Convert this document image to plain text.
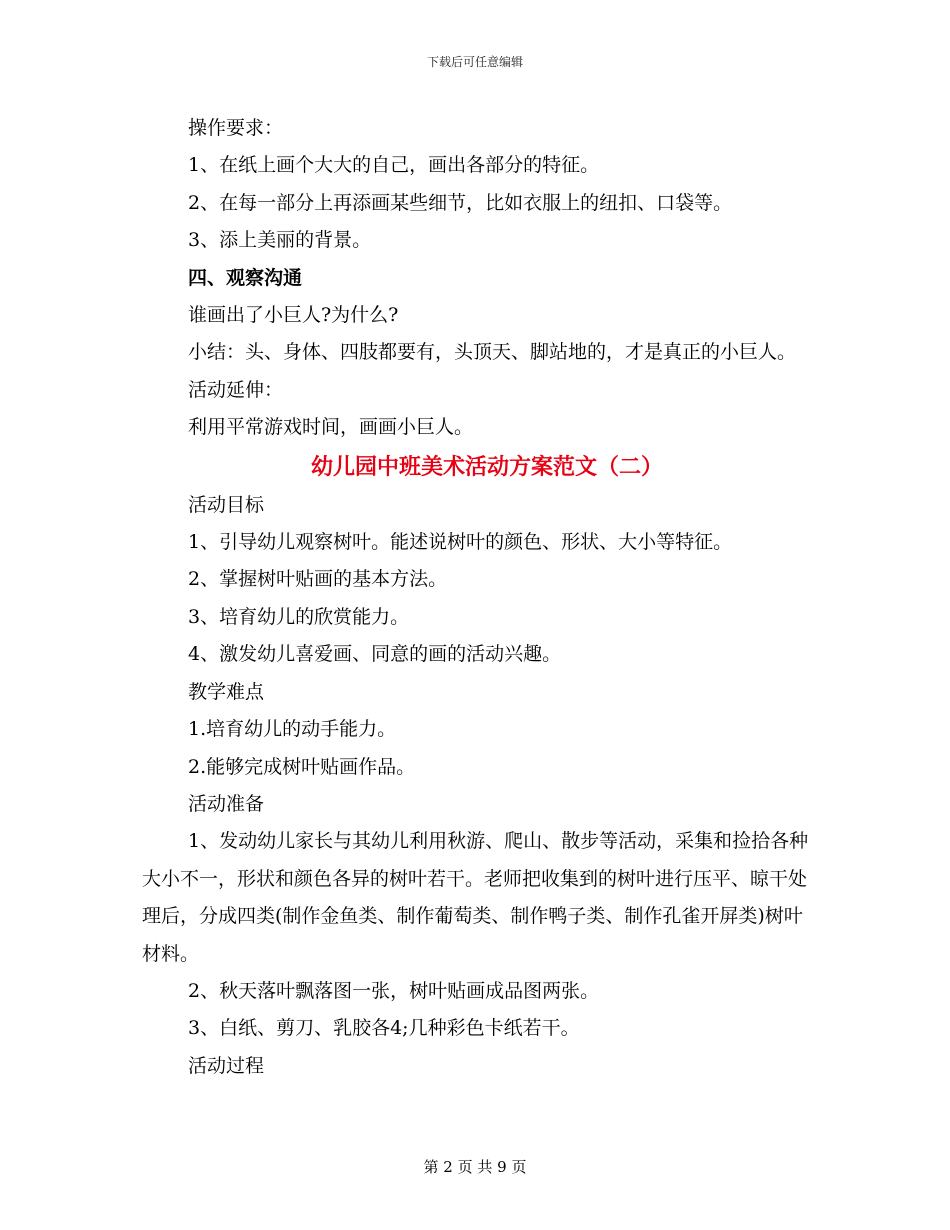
下载后可任意编辑

操作要求：

1、在纸上画个大大的自己，画出各部分的特征。

2、在每一部分上再添画某些细节，比如衣服上的纽扣、口袋等。

3、添上美丽的背景。

四、观察沟通

谁画出了小巨人?为什么?

小结：头、身体、四肢都要有，头顶天、脚站地的，才是真正的小巨人。

活动延伸：

利用平常游戏时间，画画小巨人。

幼儿园中班美术活动方案范文（二）

活动目标

1、引导幼儿观察树叶。能述说树叶的颜色、形状、大小等特征。

2、掌握树叶贴画的基本方法。

3、培育幼儿的欣赏能力。

4、激发幼儿喜爱画、同意的画的活动兴趣。

教学难点

1.培育幼儿的动手能力。

2.能够完成树叶贴画作品。

活动准备

1、发动幼儿家长与其幼儿利用秋游、爬山、散步等活动，采集和捡拾各种大小不一，形状和颜色各异的树叶若干。老师把收集到的树叶进行压平、晾干处理后，分成四类(制作金鱼类、制作葡萄类、制作鸭子类、制作孔雀开屏类)树叶材料。

2、秋天落叶飘落图一张，树叶贴画成品图两张。

3、白纸、剪刀、乳胶各4;几种彩色卡纸若干。

活动过程

第 2 页 共 9 页
